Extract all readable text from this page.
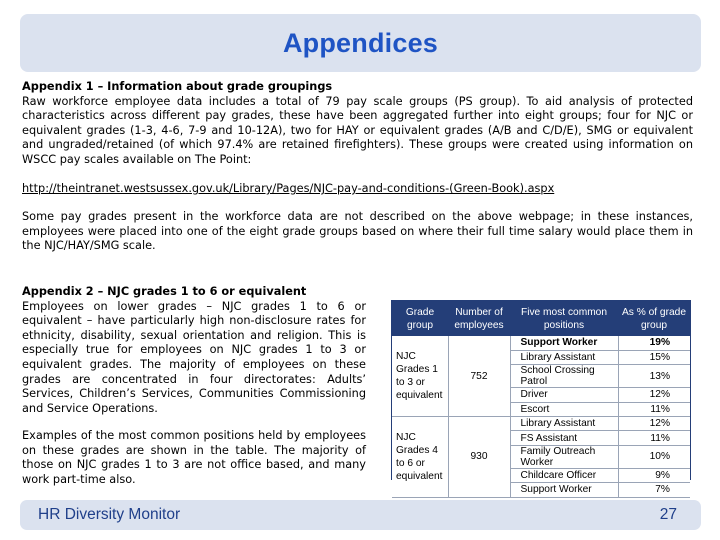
Appendices
Appendix 1 – Information about grade groupings
Raw workforce employee data includes a total of 79 pay scale groups (PS group). To aid analysis of protected characteristics across different pay grades, these have been aggregated further into eight groups; four for NJC or equivalent grades (1-3, 4-6, 7-9 and 10-12A), two for HAY or equivalent grades (A/B and C/D/E), SMG or equivalent and ungraded/retained (of which 97.4% are retained firefighters). These groups were created using information on WSCC pay scales available on The Point:
http://theintranet.westsussex.gov.uk/Library/Pages/NJC-pay-and-conditions-(Green-Book).aspx
Some pay grades present in the workforce data are not described on the above webpage; in these instances, employees were placed into one of the eight grade groups based on where their full time salary would place them in the NJC/HAY/SMG scale.
Appendix 2 – NJC grades 1 to 6 or equivalent
Employees on lower grades – NJC grades 1 to 6 or equivalent – have particularly high non-disclosure rates for ethnicity, disability, sexual orientation and religion. This is especially true for employees on NJC grades 1 to 3 or equivalent grades. The majority of employees on these grades are concentrated in four directorates: Adults’ Services, Children’s Services, Communities Commissioning and Service Operations.
Examples of the most common positions held by employees on these grades are shown in the table. The majority of those on NJC grades 1 to 3 are not office based, and many work part-time also.
Grade group	Number of employees	Five most common positions	As % of grade group
NJC Grades 1 to 3 or equivalent	752	Support Worker	19%
		Library Assistant	15%
		School Crossing Patrol	13%
		Driver	12%
		Escort	11%
NJC Grades 4 to 6 or equivalent	930	Library Assistant	12%
		FS Assistant	11%
		Family Outreach Worker	10%
		Childcare Officer	9%
		Support Worker	7%
HR Diversity Monitor	27
